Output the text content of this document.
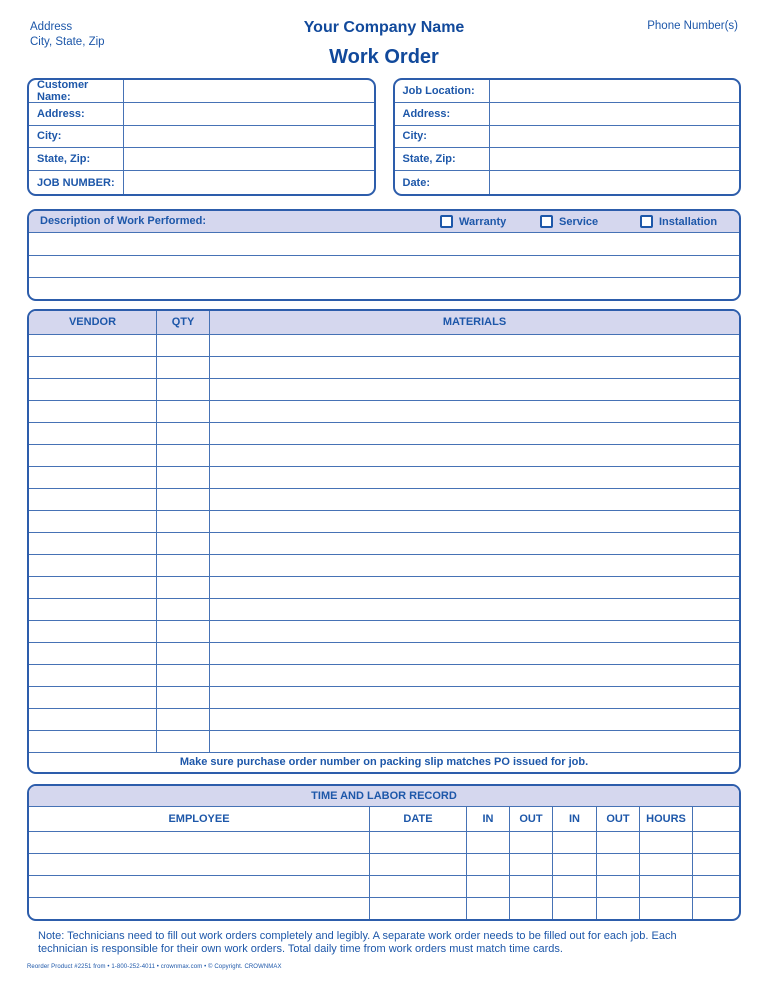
Address
City, State, Zip
Your Company Name
Work Order
Phone Number(s)
Customer Name:
Address:
City:
State, Zip:
JOB NUMBER:
Job Location:
Address:
City:
State, Zip:
Date:
Description of Work Performed:	Warranty	Service	Installation
VENDOR	QTY	MATERIALS
Make sure purchase order number on packing slip matches PO issued for job.
TIME AND LABOR RECORD
EMPLOYEE	DATE	IN	OUT	IN	OUT	HOURS
Note: Technicians need to fill out work orders completely and legibly. A separate work order needs to be filled out for each job. Each technician is responsible for their own work orders. Total daily time from work orders must match time cards.
Reorder Product #2251 from • 1-800-252-4011 • crownmax.com • © Copyright. CROWNMAX
